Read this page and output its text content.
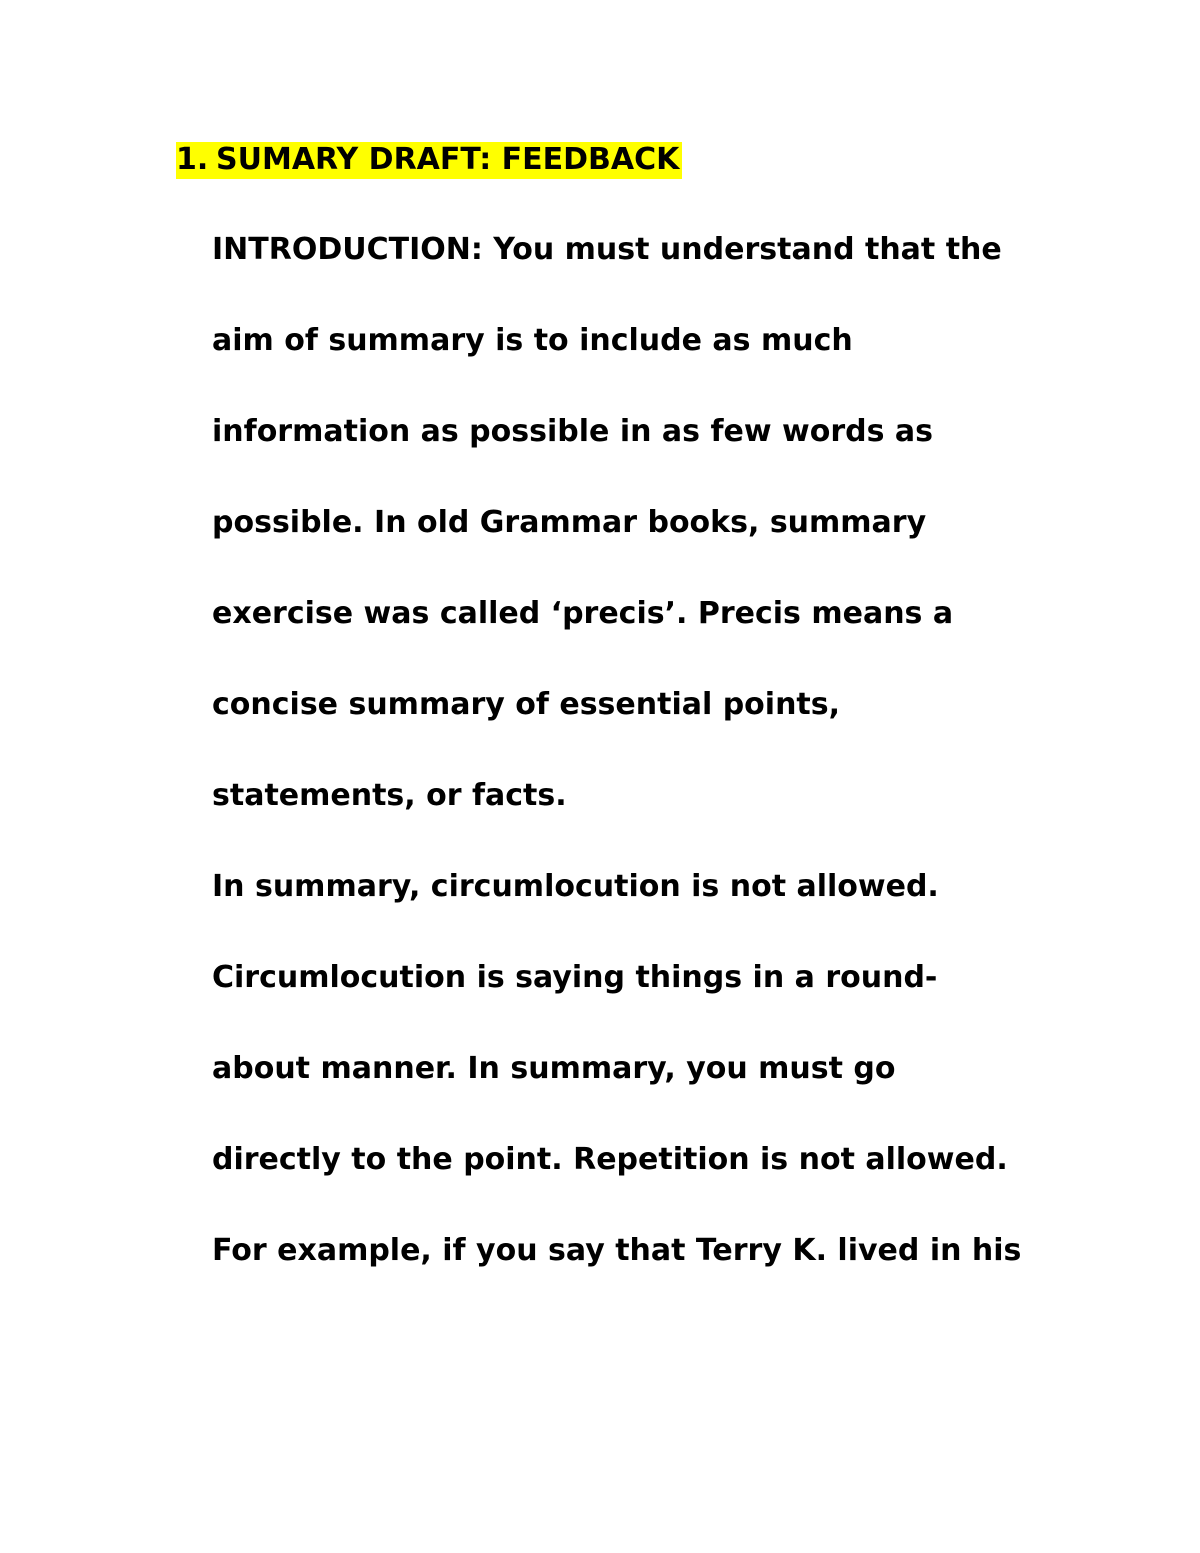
1. SUMARY DRAFT: FEEDBACK
INTRODUCTION: You must understand that the
aim of summary is to include as much
information as possible in as few words as
possible. In old Grammar books, summary
exercise was called ‘precis’. Precis means a
concise summary of essential points,
statements, or facts.
In summary, circumlocution is not allowed.
Circumlocution is saying things in a round-
about manner. In summary, you must go
directly to the point. Repetition is not allowed.
For example, if you say that Terry K. lived in his
